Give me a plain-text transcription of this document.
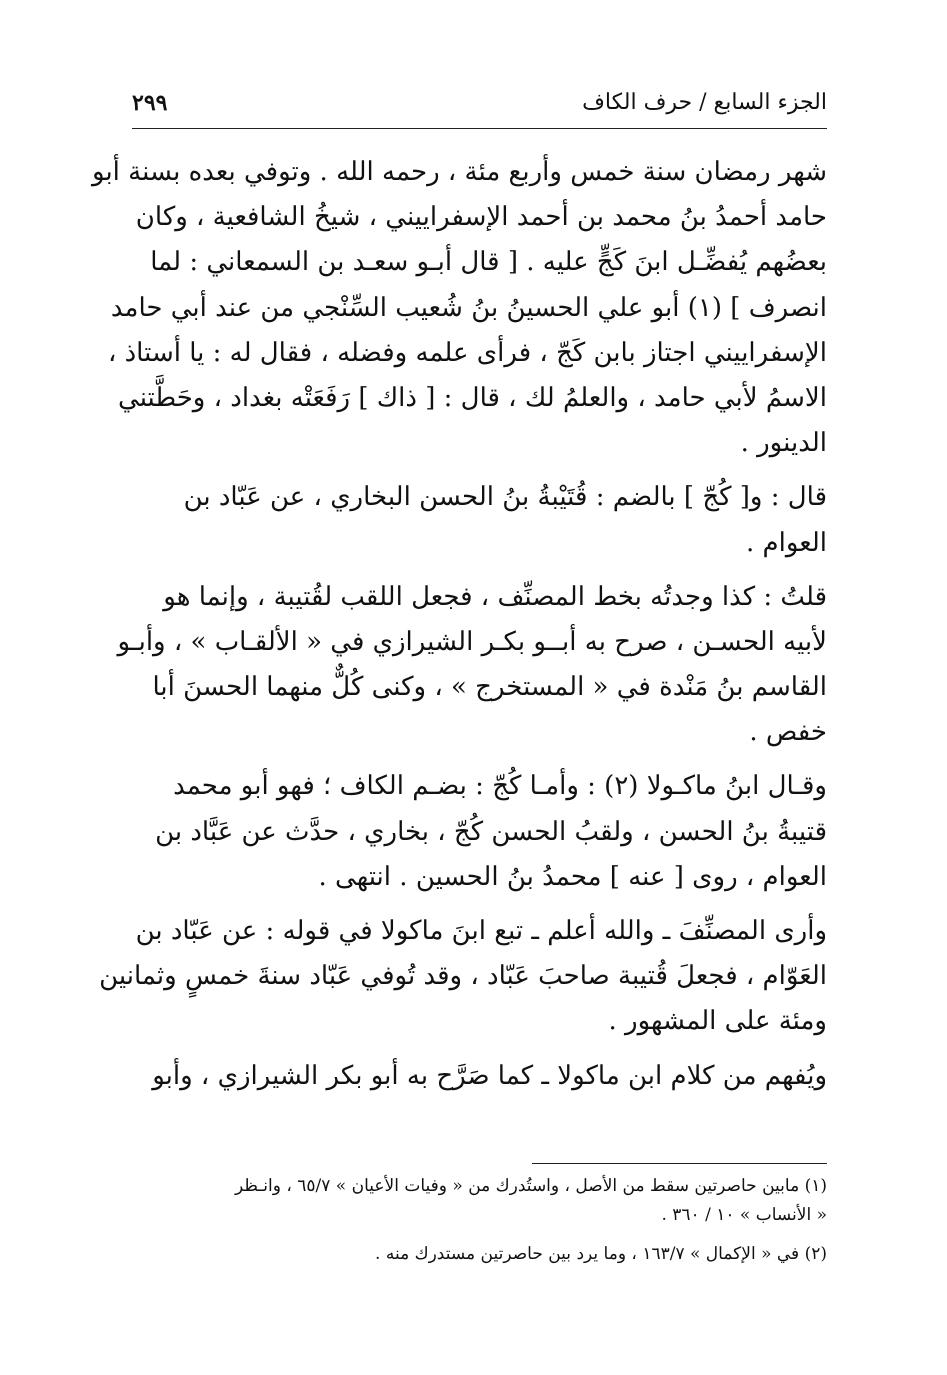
الجزء السابع / حرف الكاف
٢٩٩
شهر رمضان سنة خمس وأربع مئة ، رحمه الله . وتوفي بعده بسنة أبو
حامد أحمدُ بنُ محمد بن أحمد الإسفراييني ، شيخُ الشافعية ، وكان
بعضُهم يُفضِّـل ابنَ كَجٍّ عليه . [ قال أبـو سعـد بن السمعاني : لما
انصرف ] (١) أبو علي الحسينُ بنُ شُعيب السِّنْجي من عند أبي حامد
الإسفراييني اجتاز بابن كَجّ ، فرأى علمه وفضله ، فقال له : يا أستاذ ،
الاسمُ لأبي حامد ، والعلمُ لك ، قال : [ ذاك ] رَفَعَتْه بغداد ، وحَطَّتني
الدينور .
قال : و[ كُجّ ] بالضم : قُتَيْبةُ بنُ الحسن البخاري ، عن عَبّاد بن
العوام .
قلتُ : كذا وجدتُه بخط المصنِّف ، فجعل اللقب لقُتيبة ، وإنما هو
لأبيه الحسـن ، صرح به أبــو بكـر الشيرازي في « الألقـاب » ، وأبـو
القاسم بنُ مَنْدة في « المستخرج » ، وكنى كُلٌّ منهما الحسنَ أبا
خفص .
وقـال ابنُ ماكـولا (٢) : وأمـا كُجّ : بضـم الكاف ؛ فهو أبو محمد
قتيبةُ بنُ الحسن ، ولقبُ الحسن كُجّ ، بخاري ، حدَّث عن عَبَّاد بن
العوام ، روى [ عنه ] محمدُ بنُ الحسين . انتهى .
وأرى المصنِّفَ ـ والله أعلم ـ تبع ابنَ ماكولا في قوله : عن عَبّاد بن
العَوّام ، فجعلَ قُتيبة صاحبَ عَبّاد ، وقد تُوفي عَبّاد سنةَ خمسٍ وثمانين
ومئة على المشهور .
ويُفهم من كلام ابن ماكولا ـ كما صَرَّح به أبو بكر الشيرازي ، وأبو
(١) مابين حاصرتين سقط من الأصل ، واستُدرك من « وفيات الأعيان » ٦٥/٧ ، وانـظر
« الأنساب » ١٠ / ٣٦٠ .
(٢) في « الإكمال » ١٦٣/٧ ، وما يرد بين حاصرتين مستدرك منه .
